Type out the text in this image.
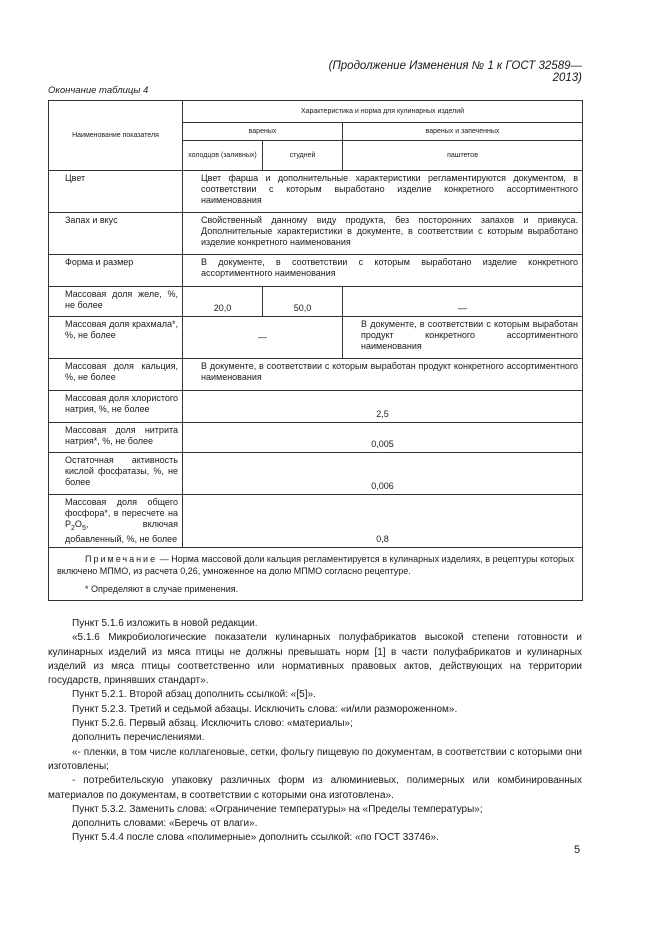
(Продолжение Изменения № 1 к ГОСТ 32589—2013)
Окончание таблицы 4
Наименование показателя	Характеристика и норма для кулинарных изделий		
	вареных		вареных и запеченных
	холодцов (заливных)	студней	паштетов
Цвет	Цвет фарша и дополнительные характеристики регламентируются документом, в соответствии с которым выработано изделие конкретного ассортиментного наименования		
Запах и вкус	Свойственный данному виду продукта, без посторонних запахов и привкуса. Дополнительные характеристики в документе, в соответствии с которым выработано изделие конкретного наименования		
Форма и размер	В документе, в соответствии с которым выработано изделие конкретного ассортиментного наименования		
Массовая доля желе, %, не более	20,0	50,0	—
Массовая доля крахмала*, %, не более	—		В документе, в соответствии с которым выработан продукт конкретного ассортиментного наименования
Массовая доля кальция, %, не более	В документе, в соответствии с которым выработан продукт конкретного ассортиментного наименования		
Массовая доля хлористого натрия, %, не более	2,5		
Массовая доля нитрита натрия*, %, не более	0,005		
Остаточная активность кислой фосфатазы, %, не более	0,006		
Массовая доля общего фосфора*, в пересчете на $P_2O_5$, включая добавленный, %, не более	0,8		

Примечание — Норма массовой доли кальция регламентируется в кулинарных изделиях, в рецептуры которых включено МПМО, из расчета 0,26, умноженное на долю МПМО согласно рецептуре.
* Определяют в случае применения.			

Пункт 5.1.6 изложить в новой редакции.

«5.1.6 Микробиологические показатели кулинарных полуфабрикатов высокой степени готовности и кулинарных изделий из мяса птицы не должны превышать норм [1] в части полуфабрикатов и кулинарных изделий из мяса птицы соответственно или нормативных правовых актов, действующих на территории государств, принявших стандарт».

Пункт 5.2.1. Второй абзац дополнить ссылкой: «[5]».

Пункт 5.2.3. Третий и седьмой абзацы. Исключить слова: «и/или размороженном».

Пункт 5.2.6. Первый абзац. Исключить слово: «материалы»;

дополнить перечислениями.

«- пленки, в том числе коллагеновые, сетки, фольгу пищевую по документам, в соответствии с которыми они изготовлены;

- потребительскую упаковку различных форм из алюминиевых, полимерных или комбинированных материалов по документам, в соответствии с которыми она изготовлена».

Пункт 5.3.2. Заменить слова: «Ограничение температуры» на «Пределы температуры»;

дополнить словами: «Беречь от влаги».

Пункт 5.4.4 после слова «полимерные» дополнить ссылкой: «по ГОСТ 33746».

5
